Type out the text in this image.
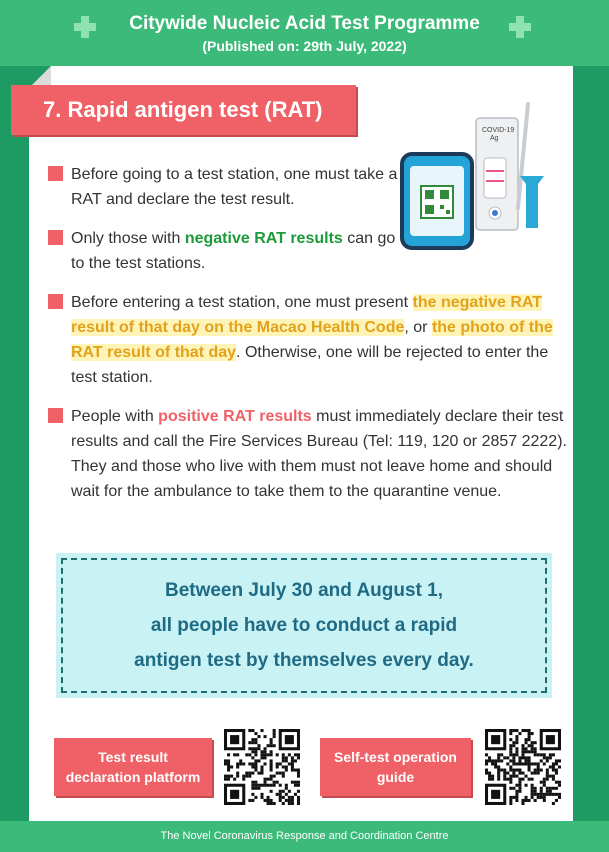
Citywide Nucleic Acid Test Programme
(Published on: 29th July, 2022)
7. Rapid antigen test (RAT)
COVID-19
Ag
Before going to a test station, one must take a RAT and declare the test result.
Only those with negative RAT results can go to the test stations.
Before entering a test station, one must present the negative RAT result of that day on the Macao Health Code, or the photo of the RAT result of that day. Otherwise, one will be rejected to enter the test station.
People with positive RAT results must immediately declare their test results and call the Fire Services Bureau (Tel: 119, 120 or 2857 2222). They and those who live with them must not leave home and should wait for the ambulance to take them to the quarantine venue.
Between July 30 and August 1,
all people have to conduct a rapid
antigen test by themselves every day.
Test result
declaration platform
Self-test operation
guide
The Novel Coronavirus Response and Coordination Centre
